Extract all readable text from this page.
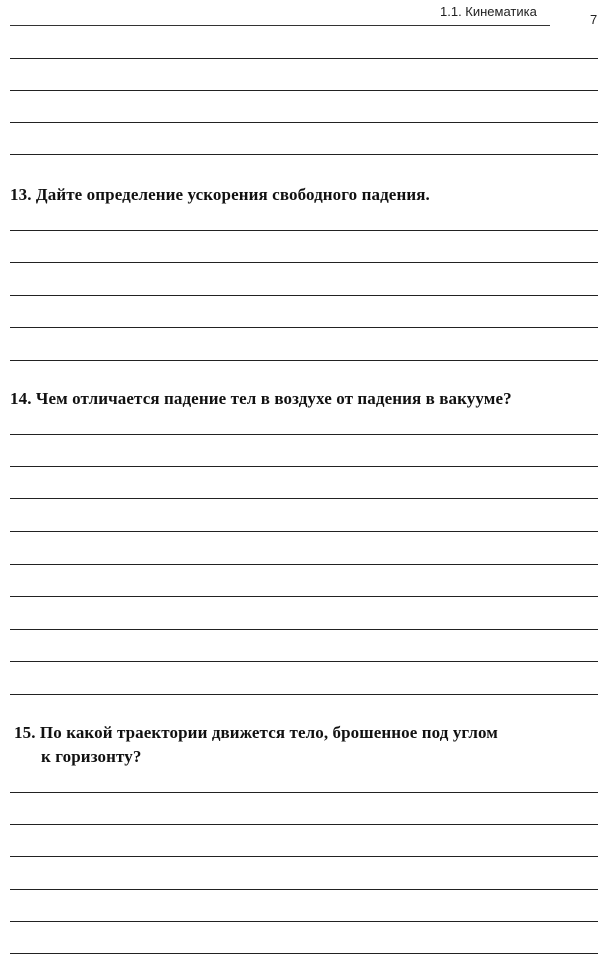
1.1. Кинематика
7
13. Дайте определение ускорения свободного падения.
14. Чем отличается падение тел в воздухе от падения в вакууме?
15. По какой траектории движется тело, брошенное под углом
к горизонту?
